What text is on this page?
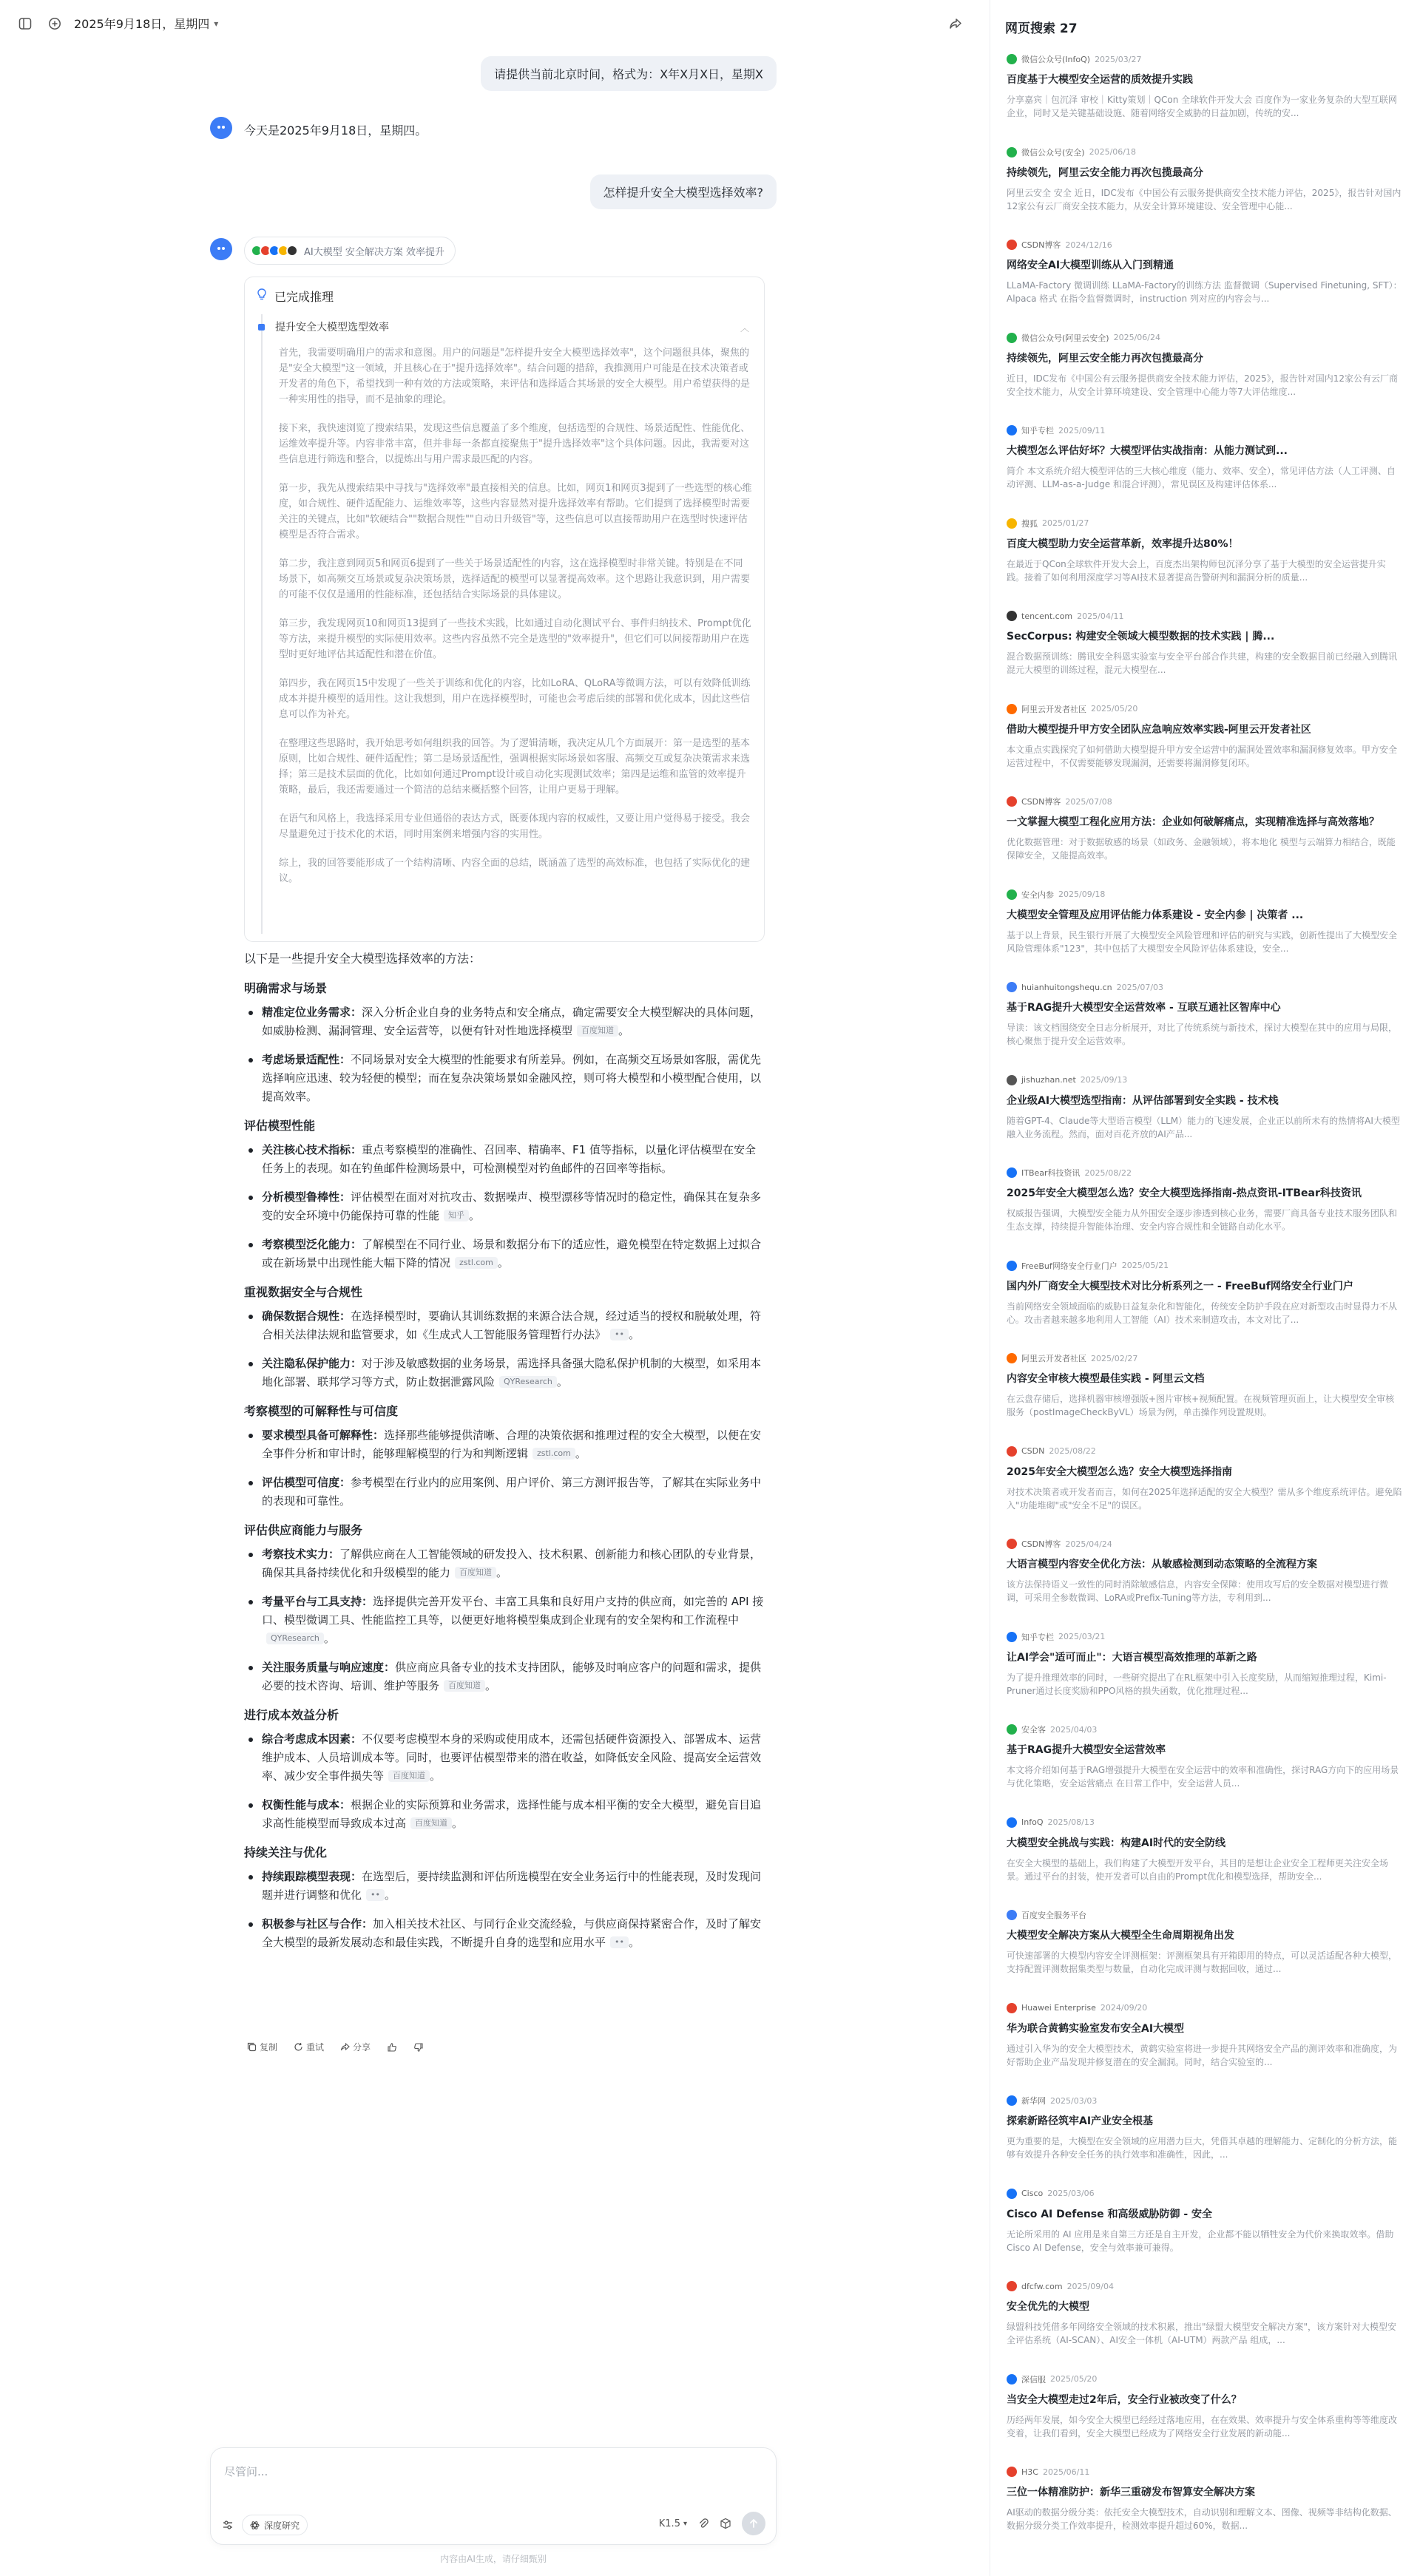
2025年9月18日，星期四 ▾
请提供当前北京时间，格式为：X年X月X日，星期X
今天是2025年9月18日，星期四。
怎样提升安全大模型选择效率?
AI大模型 安全解决方案 效率提升
已完成推理
提升安全大模型选型效率	︿

首先，我需要明确用户的需求和意图。用户的问题是"怎样提升安全大模型选择效率"，这个问题很具体，聚焦的是"安全大模型"这一领域，并且核心在于"提升选择效率"。结合问题的措辞，我推测用户可能是在技术决策者或开发者的角色下，希望找到一种有效的方法或策略，来评估和选择适合其场景的安全大模型。用户希望获得的是一种实用性的指导，而不是抽象的理论。

接下来，我快速浏览了搜索结果，发现这些信息覆盖了多个维度，包括选型的合规性、场景适配性、性能优化、运维效率提升等。内容非常丰富，但并非每一条都直接聚焦于"提升选择效率"这个具体问题。因此，我需要对这些信息进行筛选和整合，以提炼出与用户需求最匹配的内容。

第一步，我先从搜索结果中寻找与"选择效率"最直接相关的信息。比如，网页1和网页3提到了一些选型的核心维度，如合规性、硬件适配能力、运维效率等，这些内容显然对提升选择效率有帮助。它们提到了选择模型时需要关注的关键点，比如"软硬结合""数据合规性""自动日升级管"等，这些信息可以直接帮助用户在选型时快速评估模型是否符合需求。

第二步，我注意到网页5和网页6提到了一些关于场景适配性的内容，这在选择模型时非常关键。特别是在不同场景下，如高频交互场景或复杂决策场景，选择适配的模型可以显著提高效率。这个思路让我意识到，用户需要的可能不仅仅是通用的性能标准，还包括结合实际场景的具体建议。

第三步，我发现网页10和网页13提到了一些技术实践，比如通过自动化测试平台、事件归纳技术、Prompt优化等方法，来提升模型的实际使用效率。这些内容虽然不完全是选型的"效率提升"，但它们可以间接帮助用户在选型时更好地评估其适配性和潜在价值。

第四步，我在网页15中发现了一些关于训练和优化的内容，比如LoRA、QLoRA等微调方法，可以有效降低训练成本并提升模型的适用性。这让我想到，用户在选择模型时，可能也会考虑后续的部署和优化成本，因此这些信息可以作为补充。

在整理这些思路时，我开始思考如何组织我的回答。为了逻辑清晰，我决定从几个方面展开：第一是选型的基本原则，比如合规性、硬件适配性；第二是场景适配性，强调根据实际场景如客服、高频交互或复杂决策需求来选择；第三是技术层面的优化，比如如何通过Prompt设计或自动化实现测试效率；第四是运维和监管的效率提升策略，最后，我还需要通过一个简洁的总结来概括整个回答，让用户更易于理解。

在语气和风格上，我选择采用专业但通俗的表达方式，既要体现内容的权威性，又要让用户觉得易于接受。我会尽量避免过于技术化的术语，同时用案例来增强内容的实用性。

综上，我的回答要能形成了一个结构清晰、内容全面的总结，既涵盖了选型的高效标准，也包括了实际优化的建议。

以下是一些提升安全大模型选择效率的方法：
明确需求与场景
精准定位业务需求：深入分析企业自身的业务特点和安全痛点，确定需要安全大模型解决的具体问题，如威胁检测、漏洞管理、安全运营等，以便有针对性地选择模型 百度知道 。
考虑场景适配性：不同场景对安全大模型的性能要求有所差异。例如，在高频交互场景如客服，需优先选择响应迅速、较为轻便的模型；而在复杂决策场景如金融风控，则可将大模型和小模型配合使用，以提高效率。
评估模型性能
关注核心技术指标：重点考察模型的准确性、召回率、精确率、F1 值等指标，以量化评估模型在安全任务上的表现。如在钓鱼邮件检测场景中，可检测模型对钓鱼邮件的召回率等指标。
分析模型鲁棒性：评估模型在面对对抗攻击、数据噪声、模型漂移等情况时的稳定性，确保其在复杂多变的安全环境中仍能保持可靠的性能 知乎 。
考察模型泛化能力：了解模型在不同行业、场景和数据分布下的适应性，避免模型在特定数据上过拟合或在新场景中出现性能大幅下降的情况 zstl.com 。
重视数据安全与合规性
确保数据合规性：在选择模型时，要确认其训练数据的来源合法合规，经过适当的授权和脱敏处理，符合相关法律法规和监管要求，如《生成式人工智能服务管理暂行办法》 •• 。
关注隐私保护能力：对于涉及敏感数据的业务场景，需选择具备强大隐私保护机制的大模型，如采用本地化部署、联邦学习等方式，防止数据泄露风险 QYResearch 。
考察模型的可解释性与可信度
要求模型具备可解释性：选择那些能够提供清晰、合理的决策依据和推理过程的安全大模型，以便在安全事件分析和审计时，能够理解模型的行为和判断逻辑 zstl.com 。
评估模型可信度：参考模型在行业内的应用案例、用户评价、第三方测评报告等，了解其在实际业务中的表现和可靠性。
评估供应商能力与服务
考察技术实力：了解供应商在人工智能领域的研发投入、技术积累、创新能力和核心团队的专业背景，确保其具备持续优化和升级模型的能力 百度知道 。
考量平台与工具支持：选择提供完善开发平台、丰富工具集和良好用户支持的供应商，如完善的 API 接口、模型微调工具、性能监控工具等，以便更好地将模型集成到企业现有的安全架构和工作流程中QYResearch 。
关注服务质量与响应速度：供应商应具备专业的技术支持团队，能够及时响应客户的问题和需求，提供必要的技术咨询、培训、维护等服务 百度知道 。
进行成本效益分析
综合考虑成本因素：不仅要考虑模型本身的采购或使用成本，还需包括硬件资源投入、部署成本、运营维护成本、人员培训成本等。同时，也要评估模型带来的潜在收益，如降低安全风险、提高安全运营效率、减少安全事件损失等 百度知道 。
权衡性能与成本：根据企业的实际预算和业务需求，选择性能与成本相平衡的安全大模型，避免盲目追求高性能模型而导致成本过高 百度知道 。
持续关注与优化
持续跟踪模型表现：在选型后，要持续监测和评估所选模型在安全业务运行中的性能表现，及时发现问题并进行调整和优化 •• 。
积极参与社区与合作：加入相关技术社区、与同行企业交流经验，与供应商保持紧密合作，及时了解安全大模型的最新发展动态和最佳实践，不断提升自身的选型和应用水平 •• 。
复制	重试	分享
尽管问...
深度研究	K1.5 ▾
内容由AI生成，请仔细甄别
网页搜索 27
微信公众号(InfoQ) 2025/03/27
百度基于大模型安全运营的质效提升实践
分享嘉宾｜包沉泽 审校｜Kitty策划｜QCon 全球软件开发大会 百度作为一家业务复杂的大型互联网企业，同时又是关键基础设施、随着网络安全威胁的日益加剧，传统的安...
微信公众号(安全) 2025/06/18
持续领先，阿里云安全能力再次包揽最高分
阿里云安全 安全 近日，IDC发布《中国公有云服务提供商安全技术能力评估，2025》，报告针对国内12家公有云厂商安全技术能力，从安全计算环境建设、安全管理中心能...
CSDN博客 2024/12/16
网络安全AI大模型训练从入门到精通
LLaMA-Factory 微调训练 LLaMA-Factory的训练方法 监督微调（Supervised Finetuning, SFT）：Alpaca 格式 在指令监督微调时，instruction 列对应的内容会与...
微信公众号(阿里云安全) 2025/06/24
持续领先，阿里云安全能力再次包揽最高分
近日，IDC发布《中国公有云服务提供商安全技术能力评估，2025》，报告针对国内12家公有云厂商安全技术能力，从安全计算环境建设、安全管理中心能力等7大评估维度...
知乎专栏 2025/09/11
大模型怎么评估好坏？大模型评估实战指南：从能力测试到...
简介 本文系统介绍大模型评估的三大核心维度（能力、效率、安全），常见评估方法（人工评测、自动评测、LLM-as-a-Judge 和混合评测），常见误区及构建评估体系...
搜狐 2025/01/27
百度大模型助力安全运营革新，效率提升达80%！
在最近于QCon全球软件开发大会上，百度杰出架构师包沉泽分享了基于大模型的安全运营提升实践。接着了如何利用深度学习等AI技术显著提高告警研判和漏洞分析的质量...
tencent.com 2025/04/11
SecCorpus: 构建安全领域大模型数据的技术实践 | 腾...
混合数据预训练：腾讯安全科恩实验室与安全平台部合作共建，构建的安全数据目前已经融入到腾讯混元大模型的训练过程，混元大模型在...
阿里云开发者社区 2025/05/20
借助大模型提升甲方安全团队应急响应效率实践-阿里云开发者社区
本文重点实践探究了如何借助大模型提升甲方安全运营中的漏洞处置效率和漏洞修复效率。甲方安全运营过程中，不仅需要能够发现漏洞，还需要将漏洞修复闭环。
CSDN博客 2025/07/08
一文掌握大模型工程化应用方法：企业如何破解痛点，实现精准选择与高效落地？
优化数据管理：对于数据敏感的场景（如政务、金融领域），将本地化 模型与云端算力相结合，既能保障安全，又能提高效率。
安全内参 2025/09/18
大模型安全管理及应用评估能力体系建设 - 安全内参 | 决策者 ...
基于以上背景，民生银行开展了大模型安全风险管理和评估的研究与实践，创新性提出了大模型安全风险管理体系"123"，其中包括了大模型安全风险评估体系建设，安全...
huianhuitongshequ.cn 2025/07/03
基于RAG提升大模型安全运营效率 - 互联互通社区智库中心
导读：该文档围绕安全日志分析展开，对比了传统系统与新技术，探讨大模型在其中的应用与局限，核心聚焦于提升安全运营效率。
jishuzhan.net 2025/09/13
企业级AI大模型选型指南：从评估部署到安全实践 - 技术栈
随着GPT-4、Claude等大型语言模型（LLM）能力的飞速发展，企业正以前所未有的热情将AI大模型融入业务流程。然而，面对百花齐放的AI产品...
ITBear科技资讯 2025/08/22
2025年安全大模型怎么选？安全大模型选择指南-热点资讯-ITBear科技资讯
权威报告强调，大模型安全能力从外围安全逐步渗透到核心业务，需要厂商具备专业技术服务团队和生态支撑，持续提升智能体治理、安全内容合规性和全链路自动化水平。
FreeBuf网络安全行业门户 2025/05/21
国内外厂商安全大模型技术对比分析系列之一 - FreeBuf网络安全行业门户
当前网络安全领域面临的威胁日益复杂化和智能化，传统安全防护手段在应对新型攻击时显得力不从心。攻击者越来越多地利用人工智能（AI）技术来制造攻击，本文对比了...
阿里云开发者社区 2025/02/27
内容安全审核大模型最佳实践 - 阿里云文档
在云盘存储后，选择机器审核增强版+图片审核+视频配置。在视频管理页面上，让大模型安全审核服务（postImageCheckByVL）场景为例，单击操作列设置规则。
CSDN 2025/08/22
2025年安全大模型怎么选？安全大模型选择指南
对技术决策者或开发者而言，如何在2025年选择适配的安全大模型？需从多个维度系统评估。避免陷入"功能堆砌"或"安全不足"的误区。
CSDN博客 2025/04/24
大语言模型内容安全优化方法：从敏感检测到动态策略的全流程方案
该方法保持语义一致性的同时消除敏感信息，内容安全保障：使用攻写后的安全数据对模型进行微调，可采用全参数微调、LoRA或Prefix-Tuning等方法，专利用到...
知乎专栏 2025/03/21
让AI学会"适可而止"：大语言模型高效推理的革新之路
为了提升推理效率的同时，一些研究提出了在RL框架中引入长度奖励，从而缩短推理过程，Kimi-Pruner通过长度奖励和PPO风格的损失函数，优化推理过程...
安全客 2025/04/03
基于RAG提升大模型安全运营效率
本文将介绍如何基于RAG增强提升大模型在安全运营中的效率和准确性，探讨RAG方向下的应用场景与优化策略，安全运营痛点 在日常工作中，安全运营人员...
InfoQ 2025/08/13
大模型安全挑战与实践：构建AI时代的安全防线
在安全大模型的基础上，我们构建了大模型开发平台，其目的是想让企业安全工程师更关注安全场景。通过平台的封装，使开发者可以自由的Prompt优化和模型选择，帮助安全...
百度安全服务平台
大模型安全解决方案从大模型全生命周期视角出发
可快速部署的大模型内容安全评测框架：评测框架具有开箱即用的特点，可以灵活适配各种大模型，支持配置评测数据集类型与数量，自动化完成评测与数据回收，通过...
Huawei Enterprise 2024/09/20
华为联合黄鹤实验室发布安全AI大模型
通过引入华为的安全大模型技术，黄鹤实验室将进一步提升其网络安全产品的测评效率和准确度，为好帮助企业产品发现并修复潜在的安全漏洞。同时，结合实验室的...
新华网 2025/03/03
探索新路径筑牢AI产业安全根基
更为重要的是，大模型在安全领域的应用潜力巨大，凭借其卓越的理解能力、定制化的分析方法，能够有效提升各种安全任务的执行效率和准确性，因此，...
Cisco 2025/03/06
Cisco AI Defense 和高级威胁防御 - 安全
无论所采用的 AI 应用是来自第三方还是自主开发，企业都不能以牺牲安全为代价来换取效率。借助Cisco AI Defense，安全与效率兼可兼得。
dfcfw.com 2025/09/04
安全优先的大模型
绿盟科技凭借多年网络安全领域的技术积累，推出"绿盟大模型安全解决方案"，该方案针对大模型安全评估系统（AI-SCAN）、AI安全一体机（AI-UTM）两款产品 组成，...
深信服 2025/05/20
当安全大模型走过2年后，安全行业被改变了什么？
历经两年发展，如今安全大模型已经经过落地应用，在在效果、效率提升与安全体系重构等等维度改变着，让我们看到，安全大模型已经成为了网络安全行业发展的新动能...
H3C 2025/06/11
三位一体精准防护：新华三重磅发布智算安全解决方案
AI驱动的数据分级分类：依托安全大模型技术，自动识别和理解文本、图像、视频等非结构化数据、数据分级分类工作效率提升，检测效率提升超过60%，数据...
